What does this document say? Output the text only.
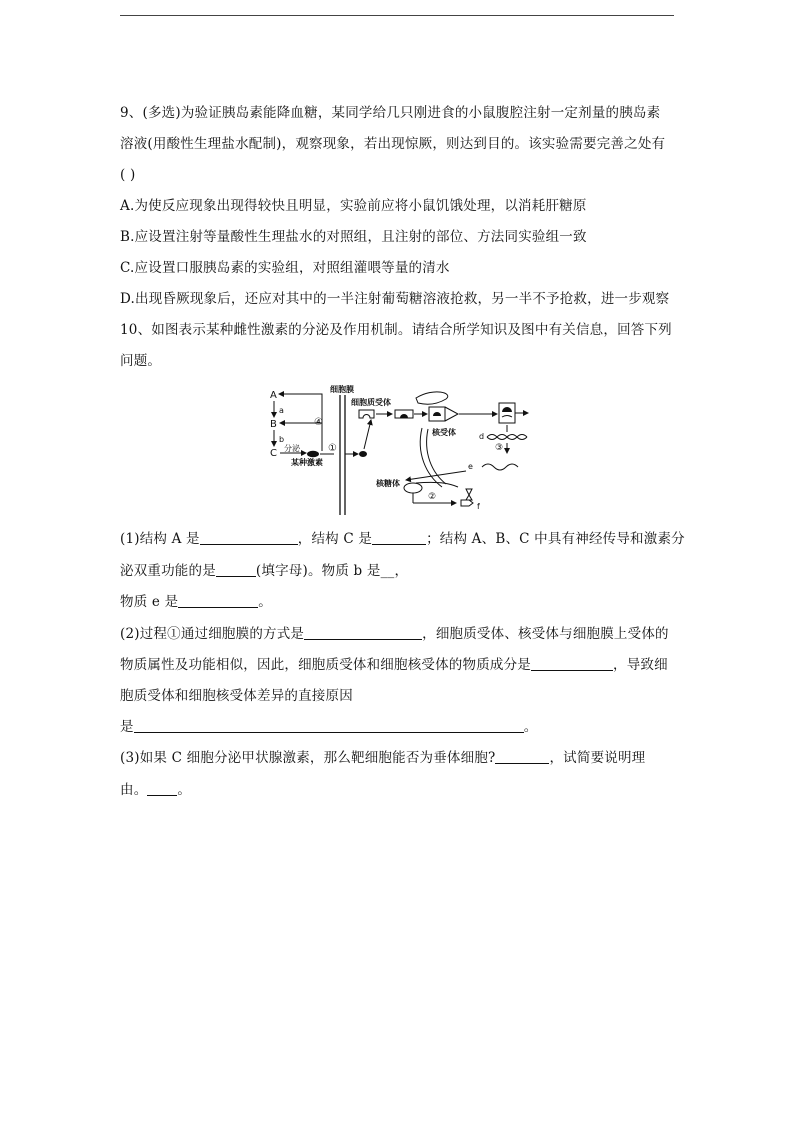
9、(多选)为验证胰岛素能降血糖，某同学给几只刚进食的小鼠腹腔注射一定剂量的胰岛素
溶液(用酸性生理盐水配制)，观察现象，若出现惊厥，则达到目的。该实验需要完善之处有
( )
A.为使反应现象出现得较快且明显，实验前应将小鼠饥饿处理，以消耗肝糖原
B.应设置注射等量酸性生理盐水的对照组，且注射的部位、方法同实验组一致
C.应设置口服胰岛素的实验组，对照组灌喂等量的清水
D.出现昏厥现象后，还应对其中的一半注射葡萄糖溶液抢救，另一半不予抢救，进一步观察
10、如图表示某种雌性激素的分泌及作用机制。请结合所学知识及图中有关信息，回答下列
问题。
A
B
C
a
b
④
分泌
某种激素
①
细胞膜
细胞质受体
核受体	d
③
e
核糖体
②
f
(1)结构 A 是	，结构 C 是	；结构 A、B、C 中具有神经传导和激素分
泌双重功能的是	(填字母)。物质 b 是__，
物质 e 是	。
(2)过程①通过细胞膜的方式是	，细胞质受体、核受体与细胞膜上受体的
物质属性及功能相似，因此，细胞质受体和细胞核受体的物质成分是	，导致细
胞质受体和细胞核受体差异的直接原因
是	。
(3)如果 C 细胞分泌甲状腺激素，那么靶细胞能否为垂体细胞?	，试简要说明理
由。 。
